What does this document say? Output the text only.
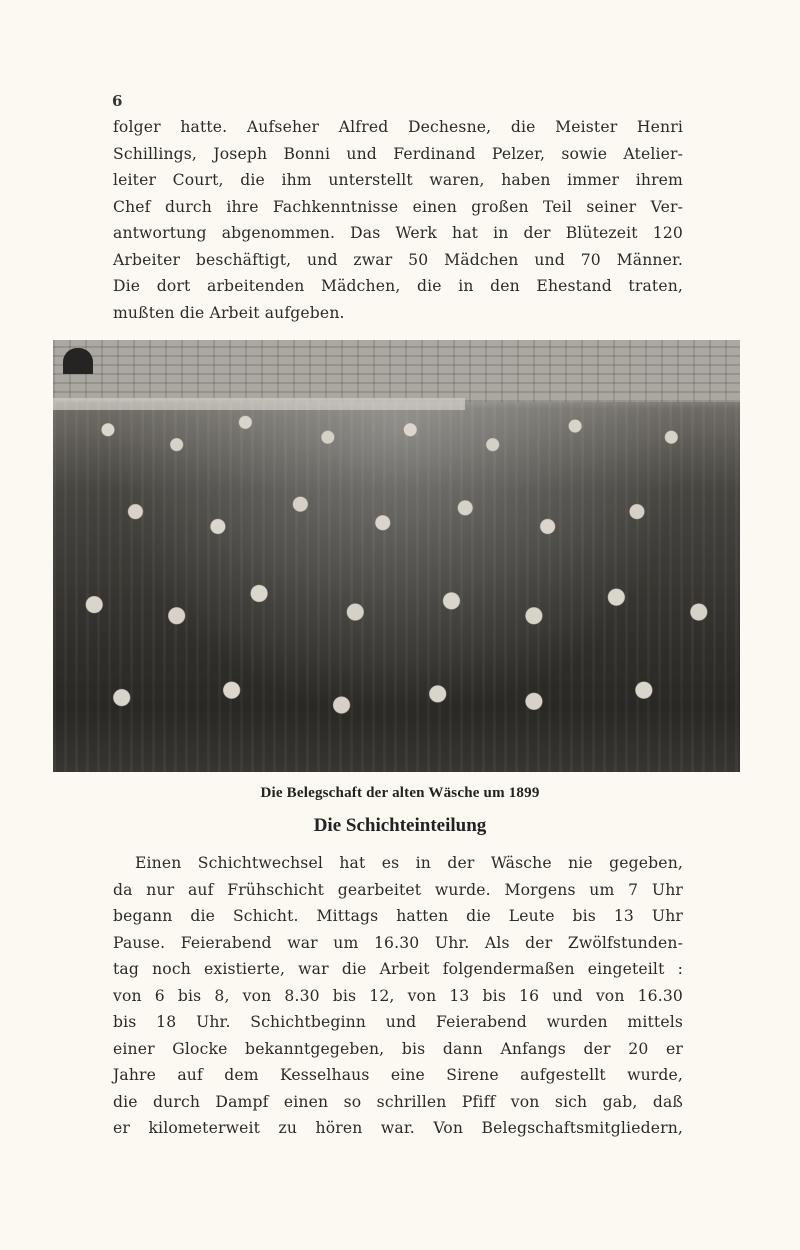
6
folger hatte. Aufseher Alfred Dechesne, die Meister Henri
Schillings, Joseph Bonni und Ferdinand Pelzer, sowie Atelier-
leiter Court, die ihm unterstellt waren, haben immer ihrem
Chef durch ihre Fachkenntnisse einen großen Teil seiner Ver-
antwortung abgenommen. Das Werk hat in der Blütezeit 120
Arbeiter beschäftigt, und zwar 50 Mädchen und 70 Männer.
Die dort arbeitenden Mädchen, die in den Ehestand traten,
mußten die Arbeit aufgeben.
Die Belegschaft der alten Wäsche um 1899
Die Schichteinteilung
Einen Schichtwechsel hat es in der Wäsche nie gegeben,
da nur auf Frühschicht gearbeitet wurde. Morgens um 7 Uhr
begann die Schicht. Mittags hatten die Leute bis 13 Uhr
Pause. Feierabend war um 16.30 Uhr. Als der Zwölfstunden-
tag noch existierte, war die Arbeit folgendermaßen eingeteilt :
von 6 bis 8, von 8.30 bis 12, von 13 bis 16 und von 16.30
bis 18 Uhr. Schichtbeginn und Feierabend wurden mittels
einer Glocke bekanntgegeben, bis dann Anfangs der 20 er
Jahre auf dem Kesselhaus eine Sirene aufgestellt wurde,
die durch Dampf einen so schrillen Pfiff von sich gab, daß
er kilometerweit zu hören war. Von Belegschaftsmitgliedern,
